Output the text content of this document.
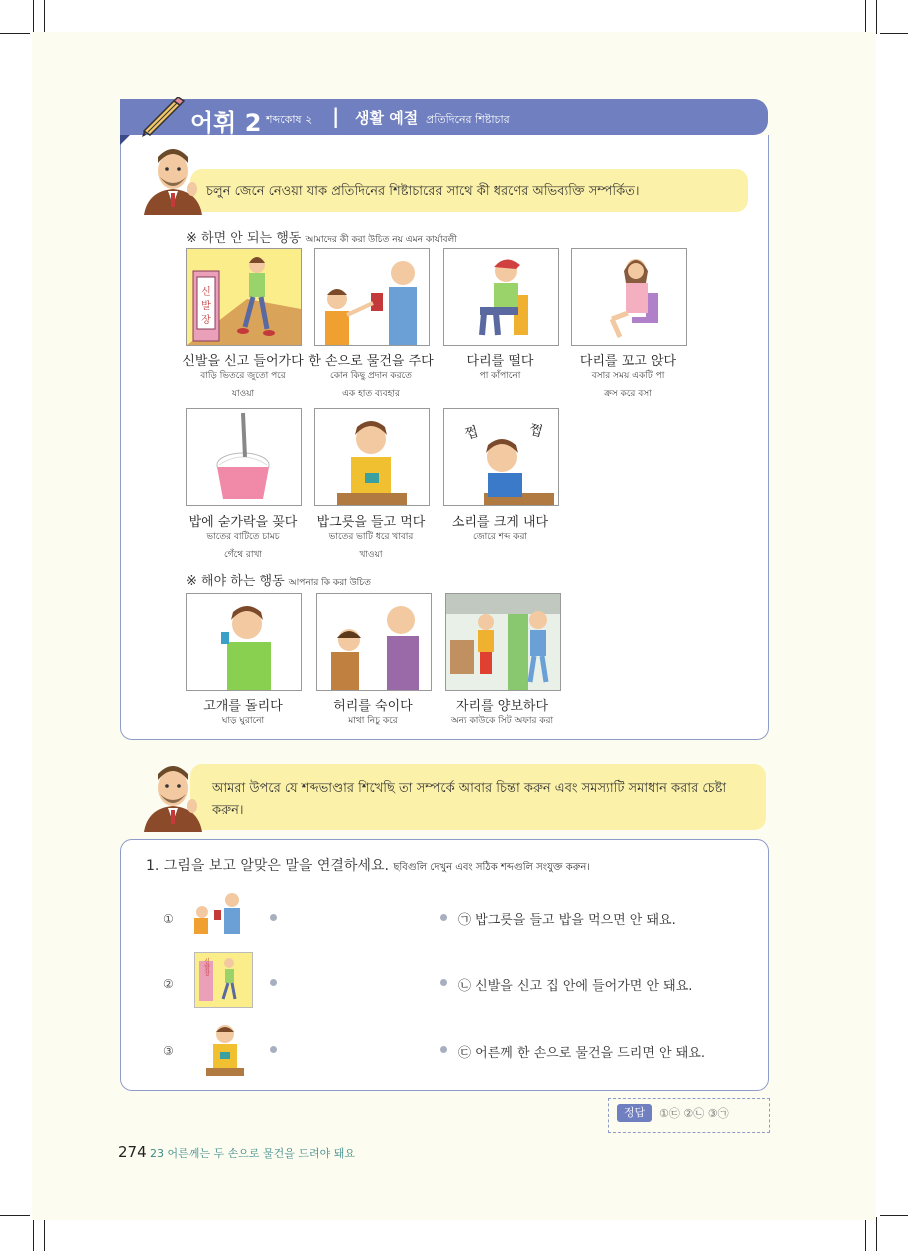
어휘 2 শব্দকোষ ২ | 생활 예절 প্রতিদিনের শিষ্টাচার
চলুন জেনে নেওয়া যাক প্রতিদিনের শিষ্টাচারের সাথে কী ধরণের অভিব্যক্তি সম্পর্কিত।
※ 하면 안 되는 행동 আমাদের কী করা উচিত নয় এমন কার্যাবলী
신
발
장
신발을 신고 들어가다
বাড়ি ভিতরে জুতো পরে
যাওয়া
한 손으로 물건을 주다
কোন কিছু প্রদান করতে
এক হাত ব্যবহার
다리를 떨다
পা কাঁপানো
다리를 꼬고 앉다
বসার সময় একটি পা
ক্রস করে বসা
밥에 숟가락을 꽂다
ভাতের বাটিতে চামচ
গেঁথে রাখা
밥그릇을 들고 먹다
ভাতের ভাটি ধরে খাবার
খাওয়া
쩝	쩝
소리를 크게 내다
জোরে শব্দ করা
※ 해야 하는 행동 আপনার কি করা উচিত
고개를 돌리다
ঘাড় ঘুরানো
허리를 숙이다
মাথা নিচু করে
자리를 양보하다
অন্য কাউকে সিট অফার করা
আমরা উপরে যে শব্দভাণ্ডার শিখেছি তা সম্পর্কে আবার চিন্তা করুন এবং সমস্যাটি সমাধান করার চেষ্টা করুন।
1. 그림을 보고 알맞은 말을 연결하세요. ছবিগুলি দেখুন এবং সঠিক শব্দগুলি সংযুক্ত করুন।
①
②
신발장
③
㉠ 밥그릇을 들고 밥을 먹으면 안 돼요.
㉡ 신발을 신고 집 안에 들어가면 안 돼요.
㉢ 어른께 한 손으로 물건을 드리면 안 돼요.
정답	①㉢ ②㉡ ③㉠
274 23 어른께는 두 손으로 물건을 드려야 돼요
